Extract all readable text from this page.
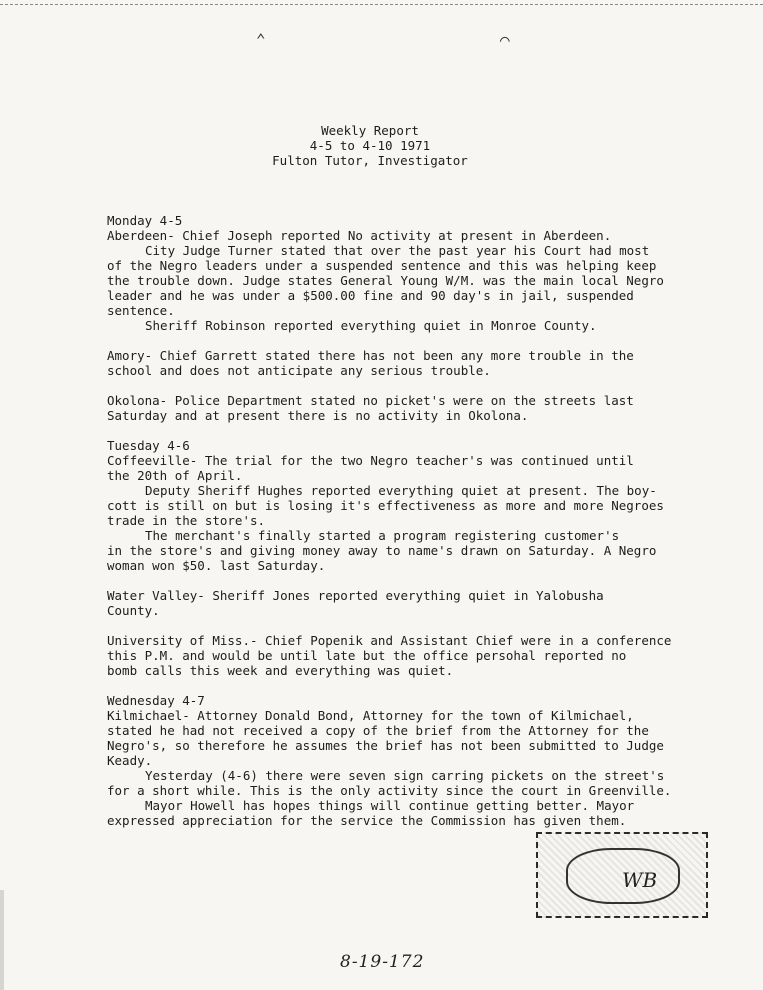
⌃	⌒
Weekly Report
4-5 to 4-10 1971
Fulton Tutor, Investigator
Monday 4-5
Aberdeen- Chief Joseph reported No activity at present in Aberdeen.
City Judge Turner stated that over the past year his Court had most
of the Negro leaders under a suspended sentence and this was helping keep
the trouble down. Judge states General Young W/M. was the main local Negro
leader and he was under a $500.00 fine and 90 day's in jail, suspended
sentence.
Sheriff Robinson reported everything quiet in Monroe County.
Amory- Chief Garrett stated there has not been any more trouble in the
school and does not anticipate any serious trouble.
Okolona- Police Department stated no picket's were on the streets last
Saturday and at present there is no activity in Okolona.
Tuesday 4-6
Coffeeville- The trial for the two Negro teacher's was continued until
the 20th of April.
Deputy Sheriff Hughes reported everything quiet at present. The boy-
cott is still on but is losing it's effectiveness as more and more Negroes
trade in the store's.
The merchant's finally started a program registering customer's
in the store's and giving money away to name's drawn on Saturday. A Negro
woman won $50. last Saturday.
Water Valley- Sheriff Jones reported everything quiet in Yalobusha
County.
University of Miss.- Chief Popenik and Assistant Chief were in a conference
this P.M. and would be until late but the office persohal reported no
bomb calls this week and everything was quiet.
Wednesday 4-7
Kilmichael- Attorney Donald Bond, Attorney for the town of Kilmichael,
stated he had not received a copy of the brief from the Attorney for the
Negro's, so therefore he assumes the brief has not been submitted to Judge
Keady.
Yesterday (4-6) there were seven sign carring pickets on the street's
for a short while. This is the only activity since the court in Greenville.
Mayor Howell has hopes things will continue getting better. Mayor
expressed appreciation for the service the Commission has given them.
WB
8-19-172
